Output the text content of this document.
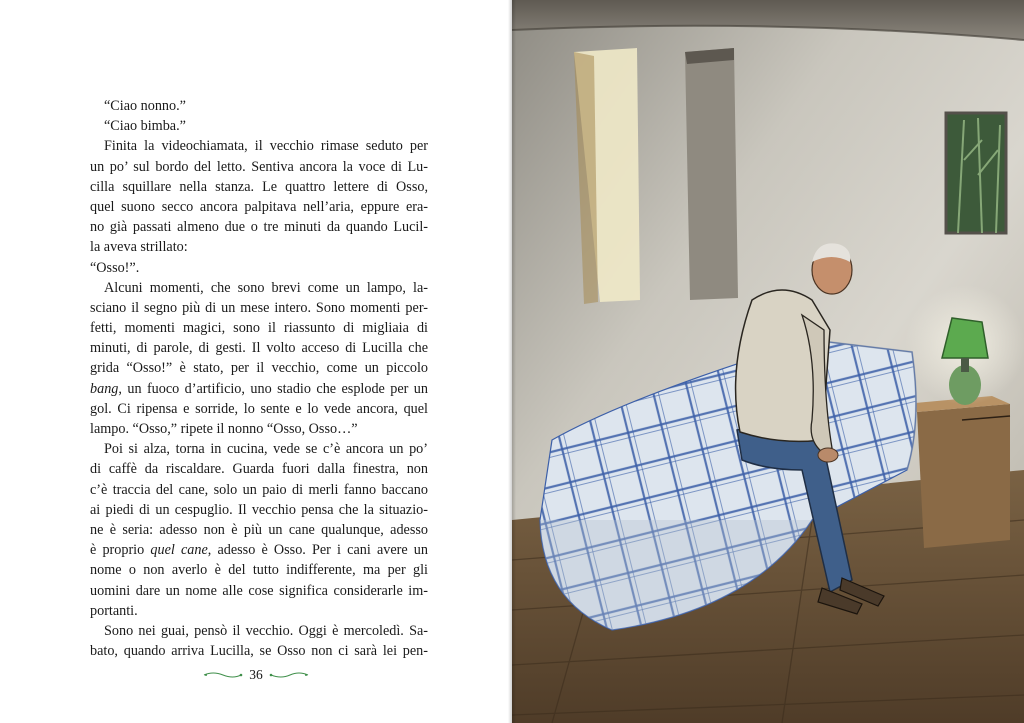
“Ciao nonno.”
“Ciao bimba.”
Finita la videochiamata, il vecchio rimase seduto per
un po’ sul bordo del letto. Sentiva ancora la voce di Lu-
cilla squillare nella stanza. Le quattro lettere di Osso,
quel suono secco ancora palpitava nell’aria, eppure era-
no già passati almeno due o tre minuti da quando Lucil-
la aveva strillato:
“Osso!”.
Alcuni momenti, che sono brevi come un lampo, la-
sciano il segno più di un mese intero. Sono momenti per-
fetti, momenti magici, sono il riassunto di migliaia di
minuti, di parole, di gesti. Il volto acceso di Lucilla che
grida “Osso!” è stato, per il vecchio, come un piccolo
bang, un fuoco d’artificio, uno stadio che esplode per un
gol. Ci ripensa e sorride, lo sente e lo vede ancora, quel
lampo. “Osso,” ripete il nonno “Osso, Osso…”
Poi si alza, torna in cucina, vede se c’è ancora un po’
di caffè da riscaldare. Guarda fuori dalla finestra, non
c’è traccia del cane, solo un paio di merli fanno baccano
ai piedi di un cespuglio. Il vecchio pensa che la situazio-
ne è seria: adesso non è più un cane qualunque, adesso
è proprio quel cane, adesso è Osso. Per i cani avere un
nome o non averlo è del tutto indifferente, ma per gli
uomini dare un nome alle cose significa considerarle im-
portanti.
Sono nei guai, pensò il vecchio. Oggi è mercoledì. Sa-
bato, quando arriva Lucilla, se Osso non ci sarà lei pen-
36
